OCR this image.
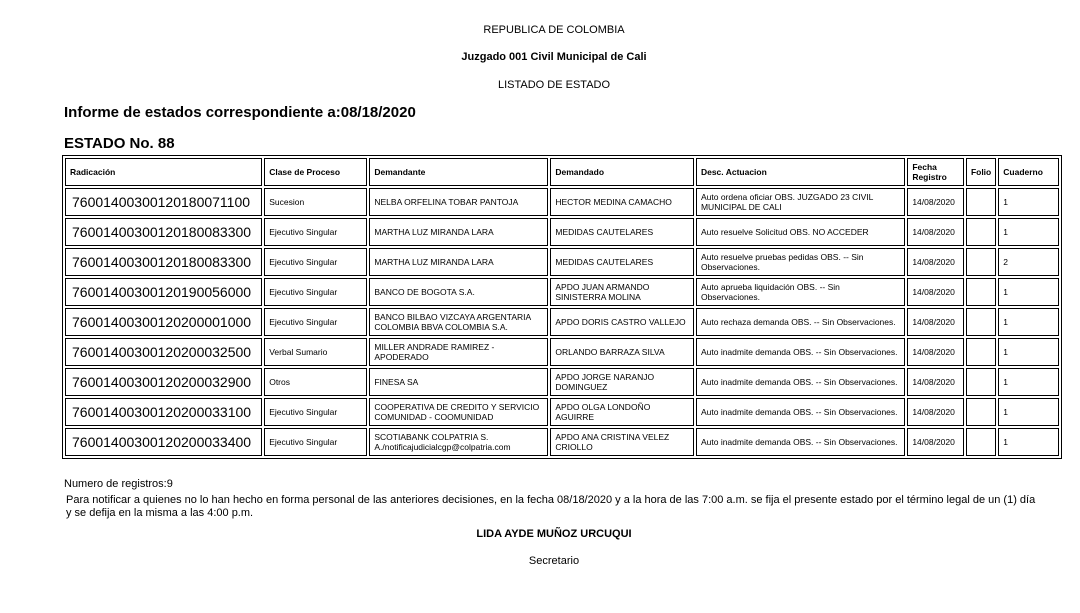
REPUBLICA DE COLOMBIA
Juzgado 001 Civil Municipal de Cali
LISTADO DE ESTADO
Informe de estados correspondiente a:08/18/2020
ESTADO No. 88
Radicación	Clase de Proceso	Demandante	Demandado	Desc. Actuacion	Fecha Registro	Folio	Cuaderno
76001400300120180071100	Sucesion	NELBA ORFELINA TOBAR PANTOJA	HECTOR MEDINA CAMACHO	Auto ordena oficiar OBS. JUZGADO 23 CIVIL MUNICIPAL DE CALI	14/08/2020		1
76001400300120180083300	Ejecutivo Singular	MARTHA LUZ MIRANDA LARA	MEDIDAS CAUTELARES	Auto resuelve Solicitud OBS. NO ACCEDER	14/08/2020		1
76001400300120180083300	Ejecutivo Singular	MARTHA LUZ MIRANDA LARA	MEDIDAS CAUTELARES	Auto resuelve pruebas pedidas OBS. -- Sin Observaciones.	14/08/2020		2
76001400300120190056000	Ejecutivo Singular	BANCO DE BOGOTA S.A.	APDO JUAN ARMANDO SINISTERRA MOLINA	Auto aprueba liquidación OBS. -- Sin Observaciones.	14/08/2020		1
76001400300120200001000	Ejecutivo Singular	BANCO BILBAO VIZCAYA ARGENTARIA COLOMBIA BBVA COLOMBIA S.A.	APDO DORIS CASTRO VALLEJO	Auto rechaza demanda OBS. -- Sin Observaciones.	14/08/2020		1
76001400300120200032500	Verbal Sumario	MILLER ANDRADE RAMIREZ - APODERADO	ORLANDO BARRAZA SILVA	Auto inadmite demanda OBS. -- Sin Observaciones.	14/08/2020		1
76001400300120200032900	Otros	FINESA SA	APDO JORGE NARANJO DOMINGUEZ	Auto inadmite demanda OBS. -- Sin Observaciones.	14/08/2020		1
76001400300120200033100	Ejecutivo Singular	COOPERATIVA DE CREDITO Y SERVICIO COMUNIDAD - COOMUNIDAD	APDO OLGA LONDOÑO AGUIRRE	Auto inadmite demanda OBS. -- Sin Observaciones.	14/08/2020		1
76001400300120200033400	Ejecutivo Singular	SCOTIABANK COLPATRIA S. A./notificajudicialcgp@colpatria.com	APDO ANA CRISTINA VELEZ CRIOLLO	Auto inadmite demanda OBS. -- Sin Observaciones.	14/08/2020		1
Numero de registros:9
Para notificar a quienes no lo han hecho en forma personal de las anteriores decisiones, en la fecha 08/18/2020 y a la hora de las 7:00 a.m. se fija el presente estado por el término legal de un (1) día y se defija en la misma a las 4:00 p.m.
LIDA AYDE MUÑOZ URCUQUI
Secretario
